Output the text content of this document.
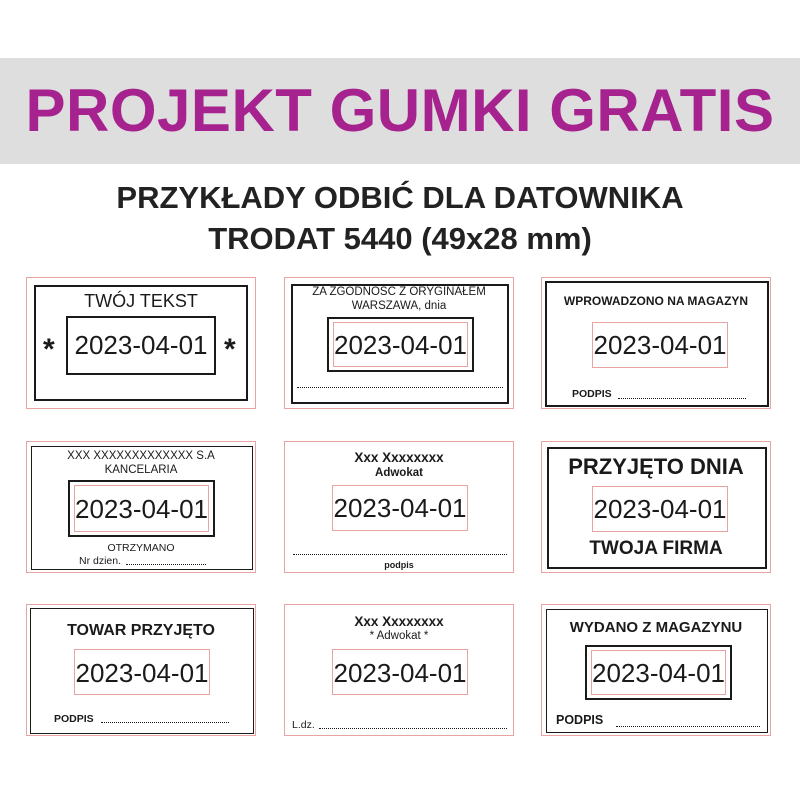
PROJEKT GUMKI GRATIS
PRZYKŁADY ODBIĆ DLA DATOWNIKA
TRODAT 5440 (49x28 mm)
TWÓJ TEKST
2023-04-01
*	*
ZA ZGODNOŚĆ Z ORYGINAŁEM
WARSZAWA, dnia
2023-04-01
WPROWADZONO NA MAGAZYN
2023-04-01
PODPIS
XXX XXXXXXXXXXXXX S.A
KANCELARIA
2023-04-01
OTRZYMANO
Nr dzien.
Xxx Xxxxxxxx
Adwokat
2023-04-01
podpis
PRZYJĘTO DNIA
2023-04-01
TWOJA FIRMA
TOWAR PRZYJĘTO
2023-04-01
PODPIS
Xxx Xxxxxxxx
* Adwokat *
2023-04-01
L.dz.
WYDANO Z MAGAZYNU
2023-04-01
PODPIS
